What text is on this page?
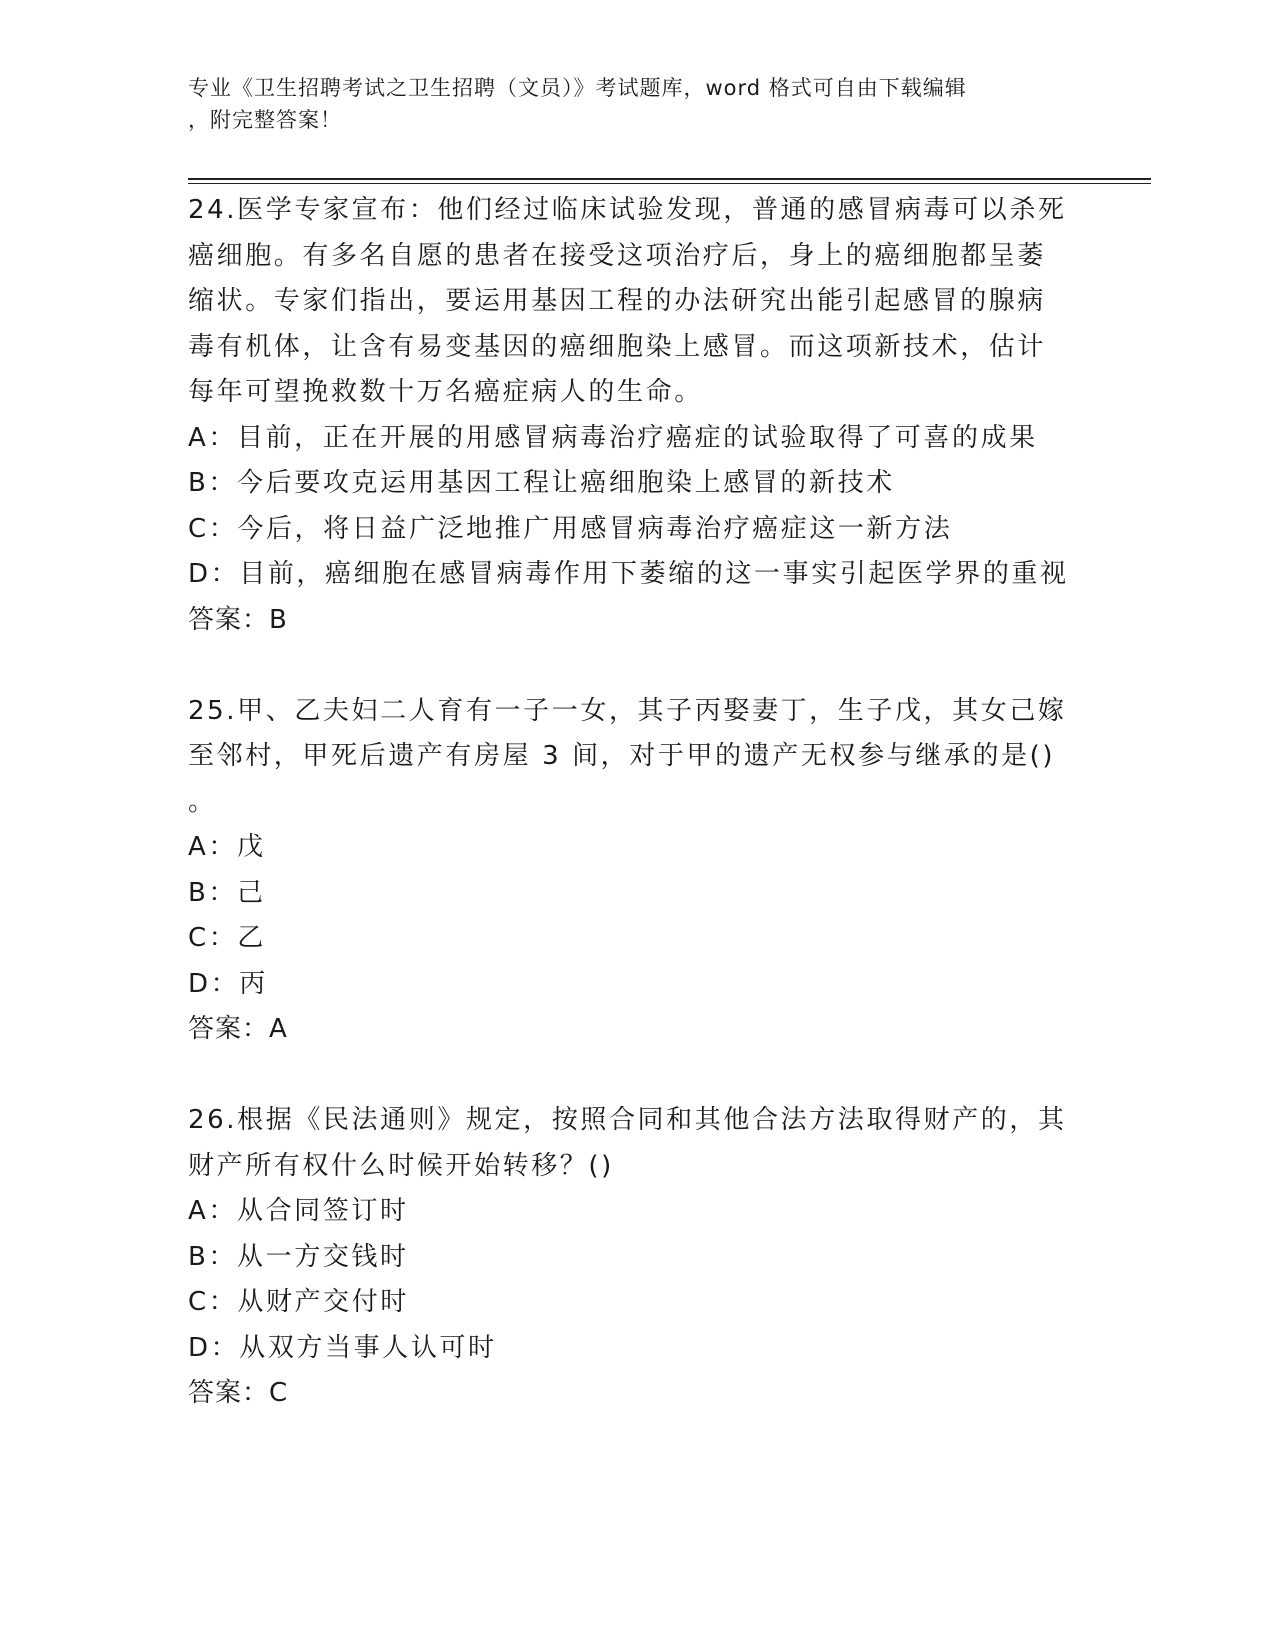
专业《卫生招聘考试之卫生招聘（文员）》考试题库，word 格式可自由下载编辑
，附完整答案！
24.医学专家宣布：他们经过临床试验发现，普通的感冒病毒可以杀死
癌细胞。有多名自愿的患者在接受这项治疗后，身上的癌细胞都呈萎
缩状。专家们指出，要运用基因工程的办法研究出能引起感冒的腺病
毒有机体，让含有易变基因的癌细胞染上感冒。而这项新技术，估计
每年可望挽救数十万名癌症病人的生命。
A：目前，正在开展的用感冒病毒治疗癌症的试验取得了可喜的成果
B：今后要攻克运用基因工程让癌细胞染上感冒的新技术
C：今后，将日益广泛地推广用感冒病毒治疗癌症这一新方法
D：目前，癌细胞在感冒病毒作用下萎缩的这一事实引起医学界的重视
答案：B
25.甲、乙夫妇二人育有一子一女，其子丙娶妻丁，生子戊，其女己嫁
至邻村，甲死后遗产有房屋 3 间，对于甲的遗产无权参与继承的是()
。
A：戊
B：己
C：乙
D：丙
答案：A
26.根据《民法通则》规定，按照合同和其他合法方法取得财产的，其
财产所有权什么时候开始转移？()
A：从合同签订时
B：从一方交钱时
C：从财产交付时
D：从双方当事人认可时
答案：C
